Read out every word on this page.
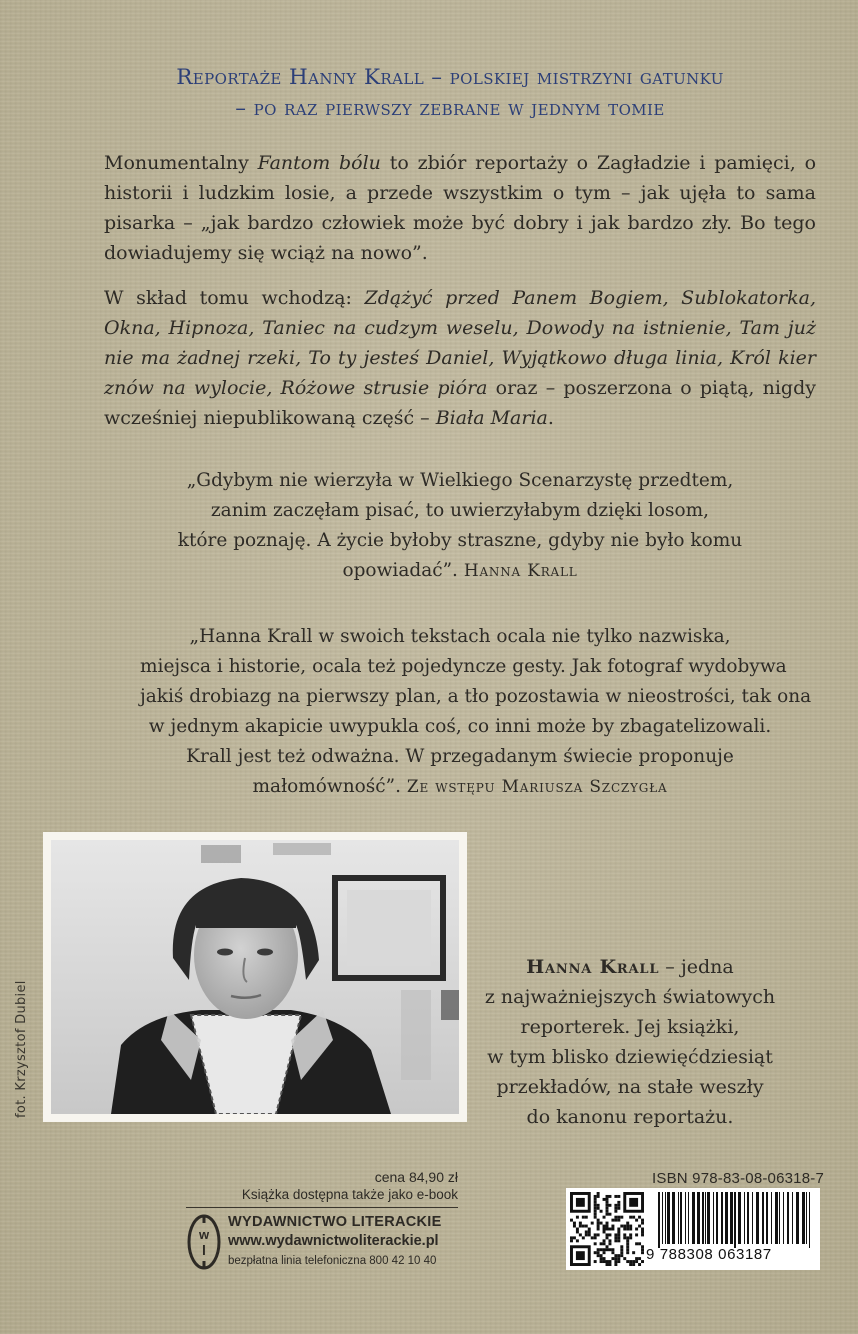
Reportaże Hanny Krall – polskiej mistrzyni gatunku
– po raz pierwszy zebrane w jednym tomie
Monumentalny Fantom bólu to zbiór reportaży o Zagładzie i pamięci, o historii i ludzkim losie, a przede wszystkim o tym – jak ujęła to sama pisarka – „jak bardzo człowiek może być dobry i jak bardzo zły. Bo tego dowiadujemy się wciąż na nowo”.
W skład tomu wchodzą: Zdążyć przed Panem Bogiem, Sublokatorka, Okna, Hipnoza, Taniec na cudzym weselu, Dowody na istnienie, Tam już nie ma żadnej rzeki, To ty jesteś Daniel, Wyjątkowo długa linia, Król kier znów na wylocie, Różowe strusie pióra oraz – poszerzona o piątą, nigdy wcześniej niepublikowaną część – Biała Maria.
„Gdybym nie wierzyła w Wielkiego Scenarzystę przedtem,
zanim zaczęłam pisać, to uwierzyłabym dzięki losom,
które poznaję. A życie byłoby straszne, gdyby nie było komu
opowiadać”. Hanna Krall
„Hanna Krall w swoich tekstach ocala nie tylko nazwiska,
miejsca i historie, ocala też pojedyncze gesty. Jak fotograf wydobywa
jakiś drobiazg na pierwszy plan, a tło pozostawia w nieostrości, tak ona
w jednym akapicie uwypukla coś, co inni może by zbagatelizowali.
Krall jest też odważna. W przegadanym świecie proponuje
małomówność”. Ze wstępu Mariusza Szczygła
fot. Krzysztof Dubiel
Hanna Krall – jedna
z najważniejszych światowych
reporterek. Jej książki,
w tym blisko dziewięćdziesiąt
przekładów, na stałe weszły
do kanonu reportażu.
cena 84,90 zł
Książka dostępna także jako e-book
w
l
WYDAWNICTWO LITERACKIE
www.wydawnictwoliterackie.pl
bezpłatna linia telefoniczna 800 42 10 40
ISBN 978-83-08-06318-7
9 788308 063187
